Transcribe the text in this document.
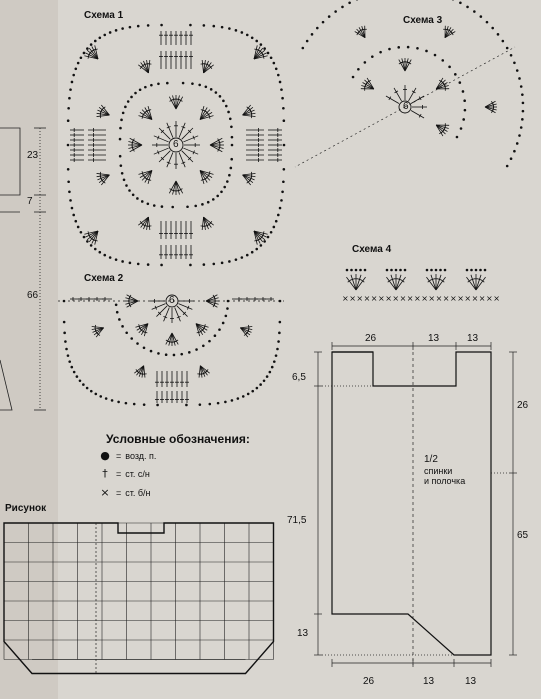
× × × × × × × × × × × × × × × × × × × × × ×
Схема 1
Схема 2
Схема 3
Схема 4
Рисунок
6
6
6
23
7
66
Условные обозначения:
● = возд. п.
† = ст. с/н
× = ст. б/н
26	13	13
6,5
26
71,5
65
13
26	13	13
1/2
спинки
и полочка
